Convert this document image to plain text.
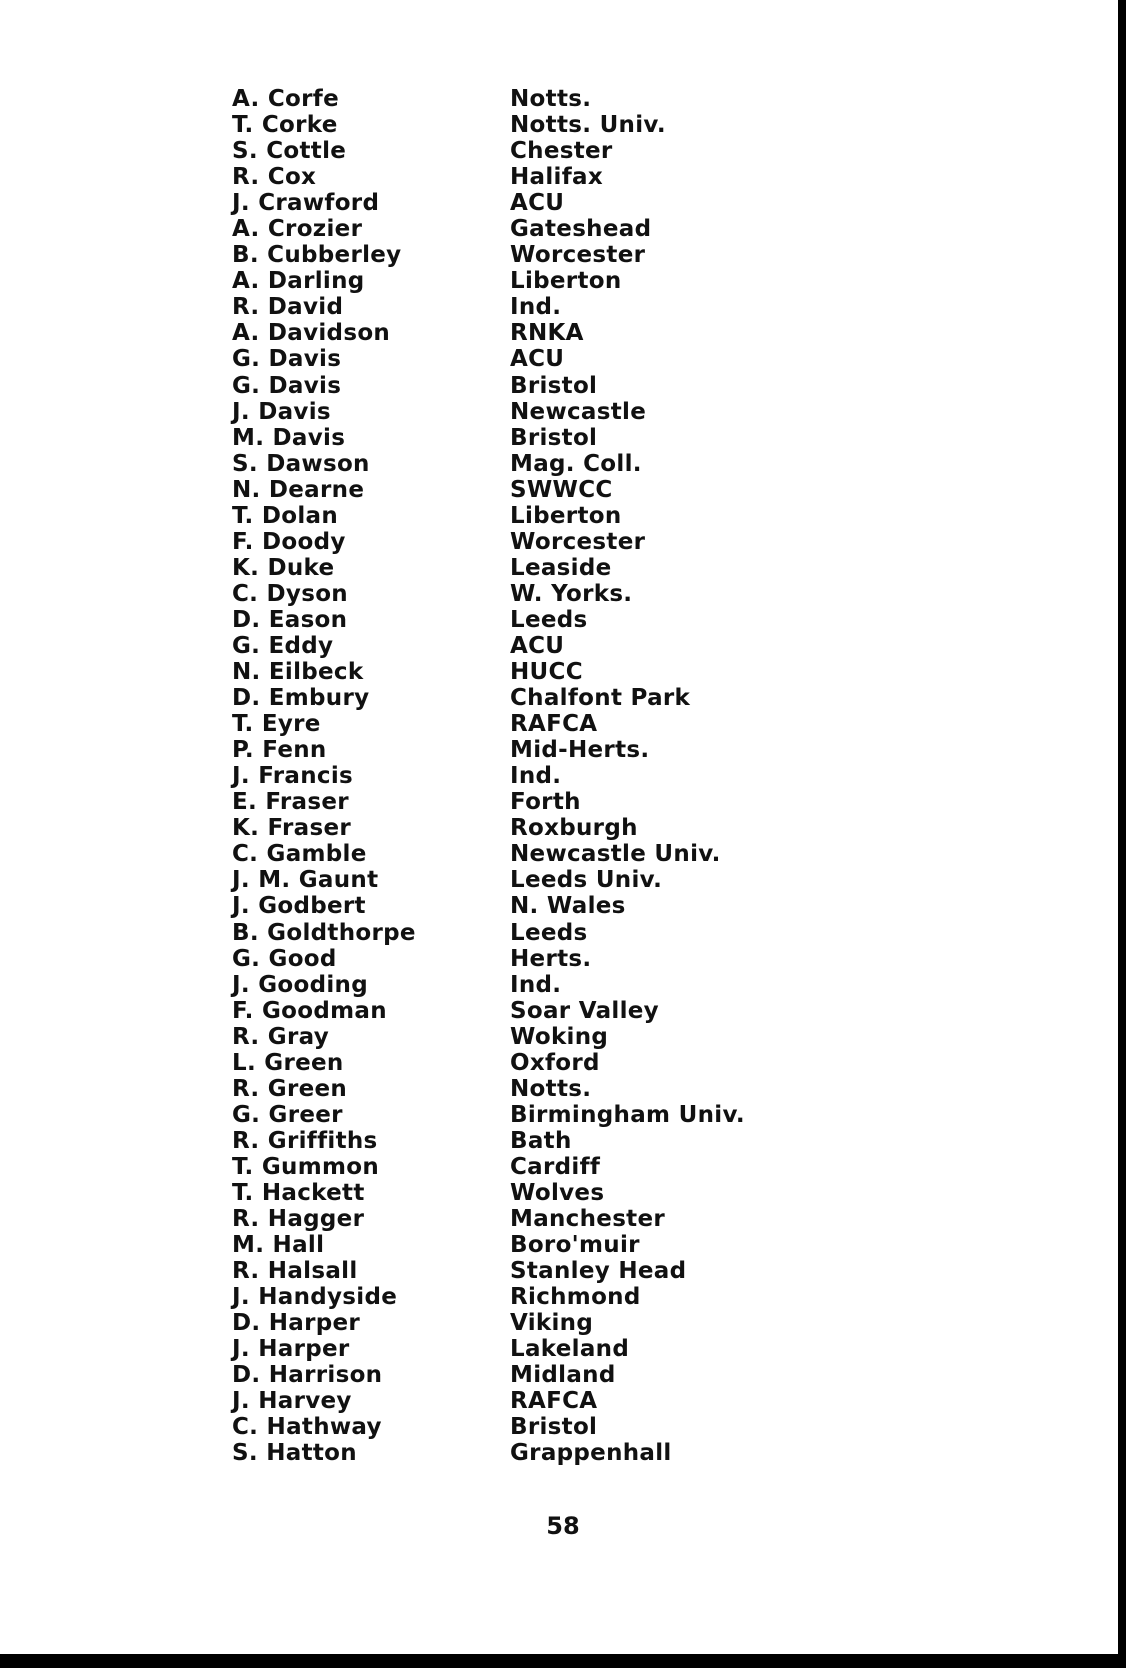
A. Corfe	Notts.
T. Corke	Notts. Univ.
S. Cottle	Chester
R. Cox	Halifax
J. Crawford	ACU
A. Crozier	Gateshead
B. Cubberley	Worcester
A. Darling	Liberton
R. David	Ind.
A. Davidson	RNKA
G. Davis	ACU
G. Davis	Bristol
J. Davis	Newcastle
M. Davis	Bristol
S. Dawson	Mag. Coll.
N. Dearne	SWWCC
T. Dolan	Liberton
F. Doody	Worcester
K. Duke	Leaside
C. Dyson	W. Yorks.
D. Eason	Leeds
G. Eddy	ACU
N. Eilbeck	HUCC
D. Embury	Chalfont Park
T. Eyre	RAFCA
P. Fenn	Mid-Herts.
J. Francis	Ind.
E. Fraser	Forth
K. Fraser	Roxburgh
C. Gamble	Newcastle Univ.
J. M. Gaunt	Leeds Univ.
J. Godbert	N. Wales
B. Goldthorpe	Leeds
G. Good	Herts.
J. Gooding	Ind.
F. Goodman	Soar Valley
R. Gray	Woking
L. Green	Oxford
R. Green	Notts.
G. Greer	Birmingham Univ.
R. Griffiths	Bath
T. Gummon	Cardiff
T. Hackett	Wolves
R. Hagger	Manchester
M. Hall	Boro'muir
R. Halsall	Stanley Head
J. Handyside	Richmond
D. Harper	Viking
J. Harper	Lakeland
D. Harrison	Midland
J. Harvey	RAFCA
C. Hathway	Bristol
S. Hatton	Grappenhall
58
